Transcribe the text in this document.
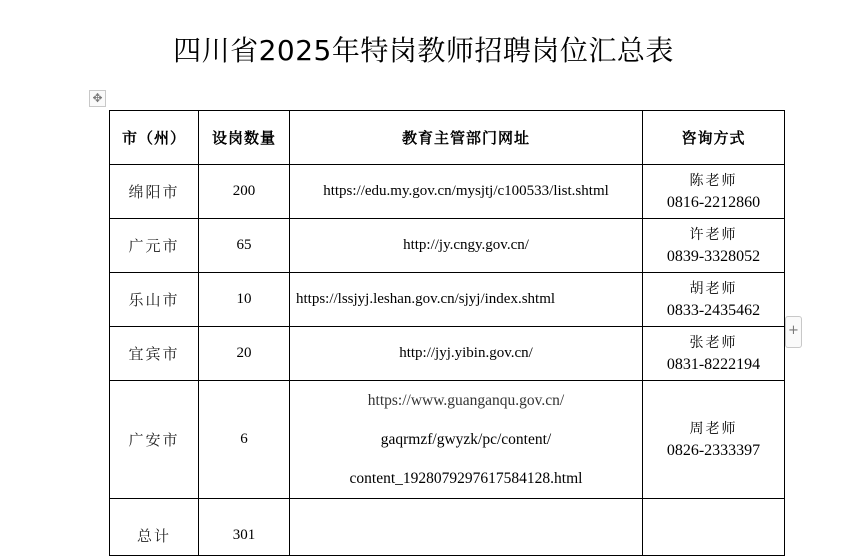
四川省2025年特岗教师招聘岗位汇总表
✥
市（州）	设岗数量	教育主管部门网址	咨询方式
绵阳市	200	https://edu.my.gov.cn/mysjtj/c100533/list.shtml	陈老师
0816-2212860

广元市	65	http://jy.cngy.gov.cn/	许老师
0839-3328052

乐山市	10	https://lssjyj.leshan.gov.cn/sjyj/index.shtml	胡老师
0833-2435462

宜宾市	20	http://jyj.yibin.gov.cn/	张老师
0831-8222194

广安市	6	https://www.guanganqu.gov.cn/
gaqrmzf/gwyzk/pc/content/
content_1928079297617584128.html	周老师
0826-2333397

总计	301		

+
